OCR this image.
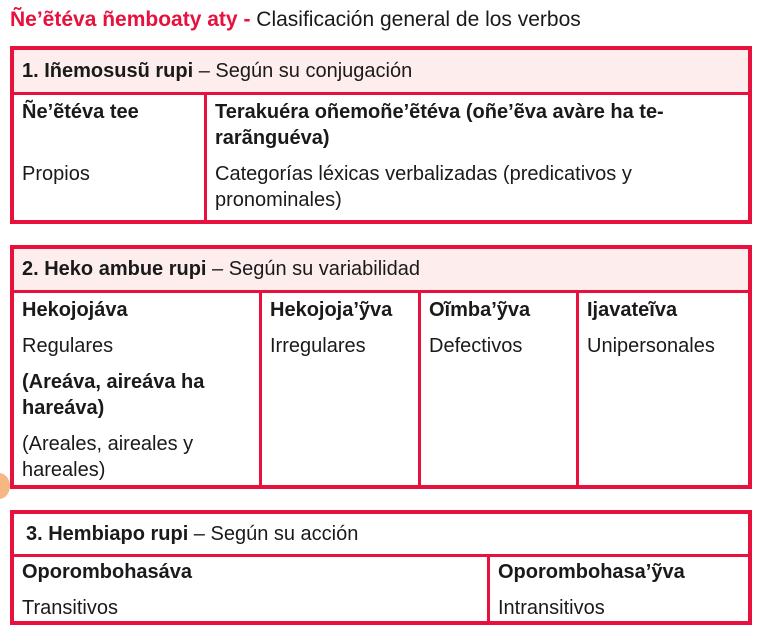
Ñe’ẽtéva ñemboaty aty - Clasificación general de los verbos
1. Iñemosusũ rupi – Según su conjugación
Ñe’ẽtéva tee
Propios
Terakuéra oñemoñe’ẽtéva (oñe’ẽva avàre ha te-rarãnguéva)
Categorías léxicas verbalizadas (predicativos y pronominales)
2. Heko ambue rupi – Según su variabilidad
Hekojojáva
Regulares
(Areáva, aireáva ha hareáva)
(Areales, aireales y hareales)
Hekojoja’ỹva
Irregulares
Oĩmba’ỹva
Defectivos
Ijavateĩva
Unipersonales
3. Hembiapo rupi – Según su acción
Oporombohasáva
Transitivos
Oporombohasa’ỹva
Intransitivos
